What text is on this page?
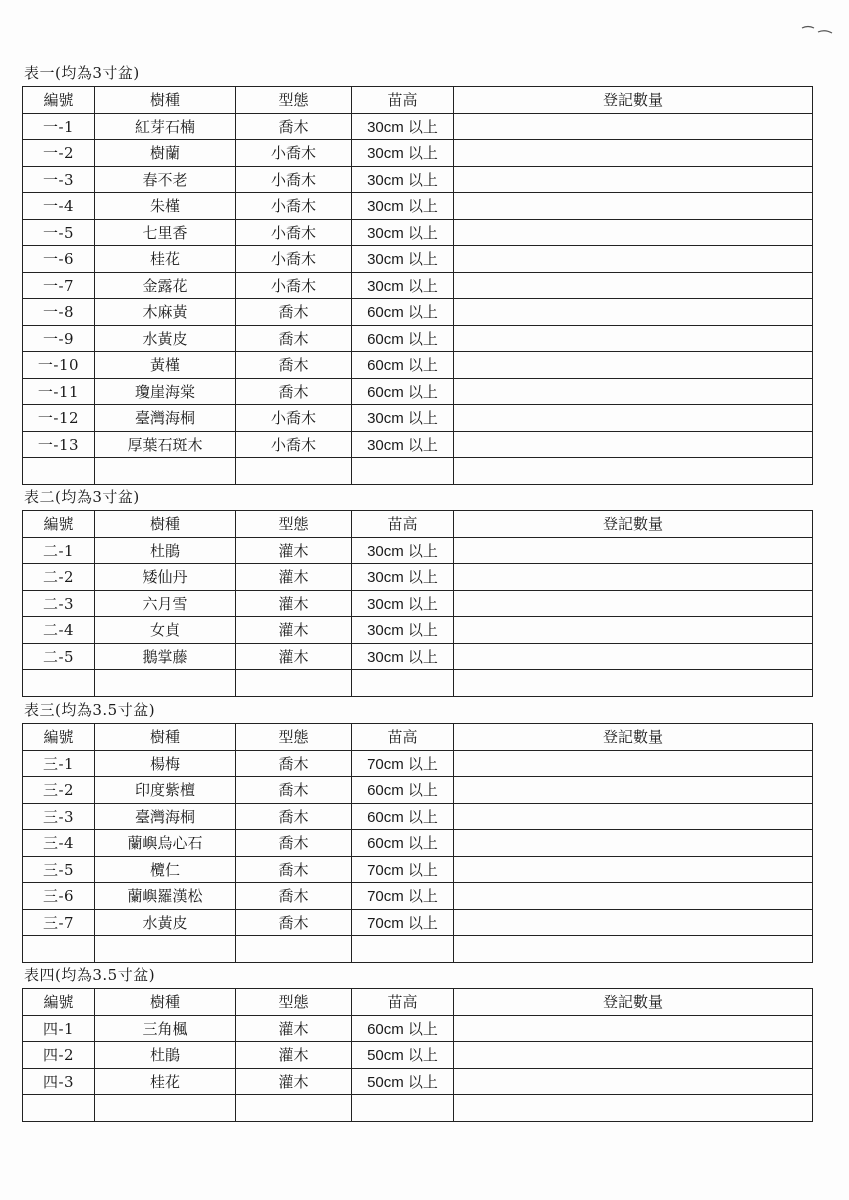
表一(均為3寸盆)
編號	樹種	型態	苗高	登記數量
一-1	紅芽石楠	喬木	30cm 以上	
一-2	樹蘭	小喬木	30cm 以上	
一-3	春不老	小喬木	30cm 以上	
一-4	朱槿	小喬木	30cm 以上	
一-5	七里香	小喬木	30cm 以上	
一-6	桂花	小喬木	30cm 以上	
一-7	金露花	小喬木	30cm 以上	
一-8	木麻黃	喬木	60cm 以上	
一-9	水黃皮	喬木	60cm 以上	
一-10	黃槿	喬木	60cm 以上	
一-11	瓊崖海棠	喬木	60cm 以上	
一-12	臺灣海桐	小喬木	30cm 以上	
一-13	厚葉石斑木	小喬木	30cm 以上	

表二(均為3寸盆)
編號	樹種	型態	苗高	登記數量
二-1	杜鵑	灌木	30cm 以上	
二-2	矮仙丹	灌木	30cm 以上	
二-3	六月雪	灌木	30cm 以上	
二-4	女貞	灌木	30cm 以上	
二-5	鵝掌藤	灌木	30cm 以上	

表三(均為3.5寸盆)
編號	樹種	型態	苗高	登記數量
三-1	楊梅	喬木	70cm 以上	
三-2	印度紫檀	喬木	60cm 以上	
三-3	臺灣海桐	喬木	60cm 以上	
三-4	蘭嶼烏心石	喬木	60cm 以上	
三-5	欖仁	喬木	70cm 以上	
三-6	蘭嶼羅漢松	喬木	70cm 以上	
三-7	水黃皮	喬木	70cm 以上	

表四(均為3.5寸盆)
編號	樹種	型態	苗高	登記數量
四-1	三角楓	灌木	60cm 以上	
四-2	杜鵑	灌木	50cm 以上	
四-3	桂花	灌木	50cm 以上	
